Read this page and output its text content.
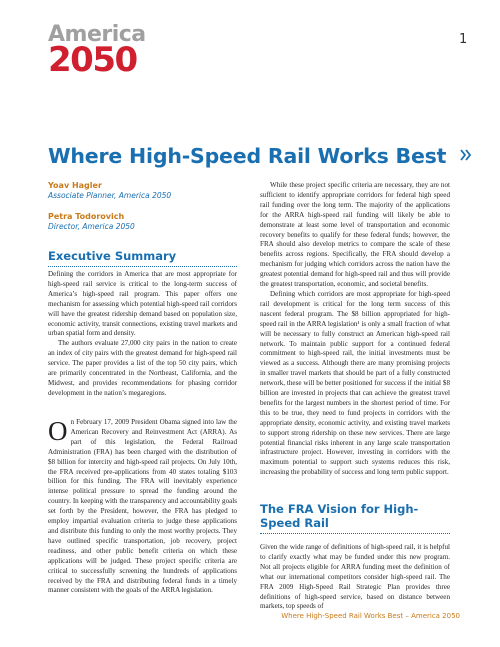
America
2050
1
Where High-Speed Rail Works Best
Yoav Hagler
Associate Planner, America 2050
Petra Todorovich
Director, America 2050
Executive Summary

Defining the corridors in America that are most appropriate for high-speed rail service is critical to the long-term success of America’s high-speed rail program. This paper offers one mechanism for assessing which potential high-speed rail corridors will have the greatest ridership demand based on population size, economic activity, transit connections, existing travel markets and urban spatial form and density.

The authors evaluate 27,000 city pairs in the nation to create an index of city pairs with the greatest demand for high-speed rail service. The paper provides a list of the top 50 city pairs, which are primarily concentrated in the Northeast, California, and the Midwest, and provides recommendations for phasing corridor development in the nation’s megaregions.

On February 17, 2009 President Obama signed into law the American Recovery and Reinvestment Act (ARRA). As part of this legislation, the Federal Railroad Administration (FRA) has been charged with the distribution of $8 billion for intercity and high-speed rail projects. On July 10th, the FRA received pre-applications from 40 states totaling $103 billion for this funding. The FRA will inevitably experience intense political pressure to spread the funding around the country. In keeping with the transparency and accountability goals set forth by the President, however, the FRA has pledged to employ impartial evaluation criteria to judge these applications and distribute this funding to only the most worthy projects. They have outlined specific transportation, job recovery, project readiness, and other public benefit criteria on which these applications will be judged. These project specific criteria are critical to successfully screening the hundreds of applications received by the FRA and distributing federal funds in a timely manner consistent with the goals of the ARRA legislation.

While these project specific criteria are necessary, they are not sufficient to identify appropriate corridors for federal high speed rail funding over the long term. The majority of the applications for the ARRA high-speed rail funding will likely be able to demonstrate at least some level of transportation and economic recovery benefits to qualify for these federal funds; however, the FRA should also develop metrics to compare the scale of these benefits across regions. Specifically, the FRA should develop a mechanism for judging which corridors across the nation have the greatest potential demand for high-speed rail and thus will provide the greatest transportation, economic, and societal benefits.

Defining which corridors are most appropriate for high-speed rail development is critical for the long term success of this nascent federal program. The $8 billion appropriated for high-speed rail in the ARRA legislation¹ is only a small fraction of what will be necessary to fully construct an American high-speed rail network. To maintain public support for a continued federal commitment to high-speed rail, the initial investments must be viewed as a success. Although there are many promising projects in smaller travel markets that should be part of a fully constructed network, these will be better positioned for success if the initial $8 billion are invested in projects that can achieve the greatest travel benefits for the largest numbers in the shortest period of time. For this to be true, they need to fund projects in corridors with the appropriate density, economic activity, and existing travel markets to support strong ridership on these new services. There are large potential financial risks inherent in any large scale transportation infrastructure project. However, investing in corridors with the maximum potential to support such systems reduces this risk, increasing the probability of success and long term public support.

The FRA Vision for High-Speed Rail

Given the wide range of definitions of high-speed rail, it is helpful to clarify exactly what may be funded under this new program. Not all projects eligible for ARRA funding meet the definition of what our international competitors consider high-speed rail. The FRA 2009 High-Speed Rail Strategic Plan provides three definitions of high-speed service, based on distance between markets, top speeds of

Where High-Speed Rail Works Best – America 2050
